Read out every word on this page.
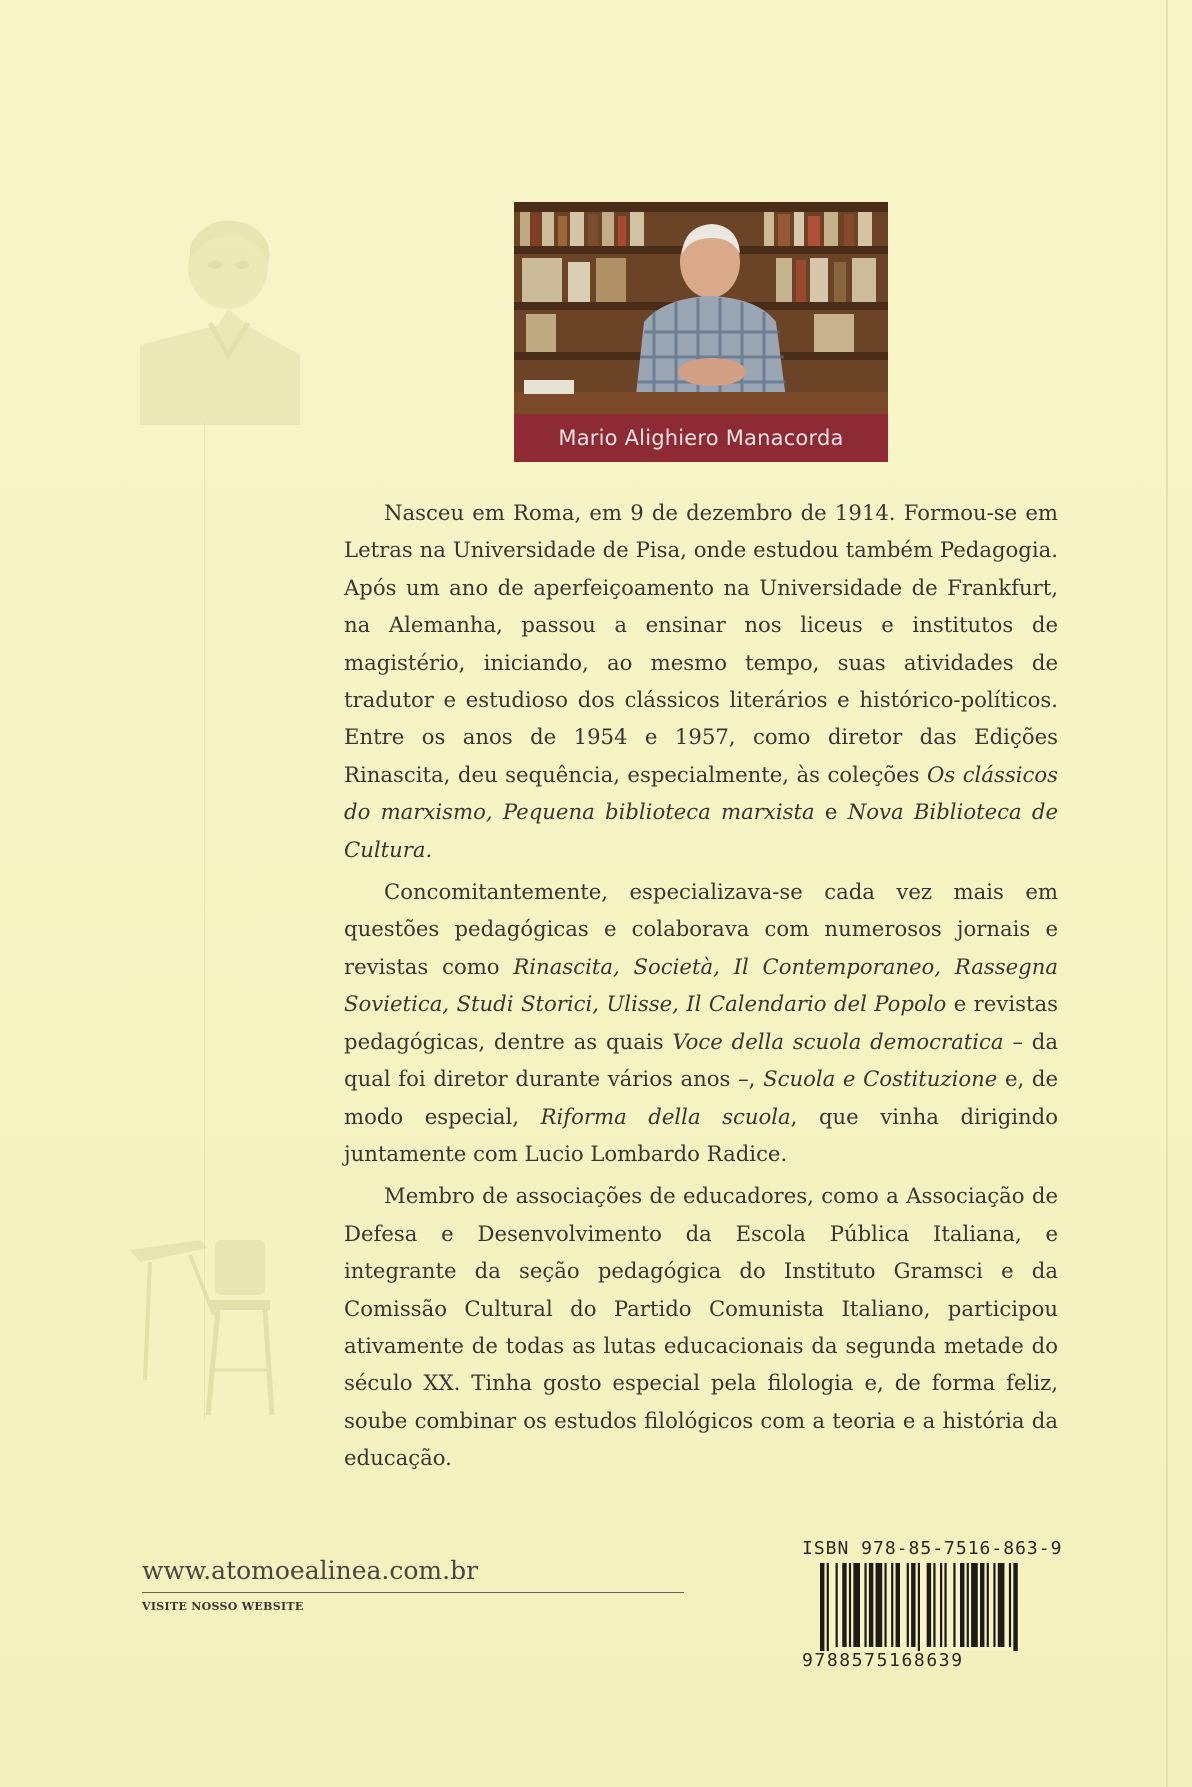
Mario Alighiero Manacorda

Nasceu em Roma, em 9 de dezembro de 1914. Formou-se em Letras na Universidade de Pisa, onde estudou também Pedagogia. Após um ano de aperfeiçoamento na Universidade de Frankfurt, na Alemanha, passou a ensinar nos liceus e institutos de magistério, iniciando, ao mesmo tempo, suas atividades de tradutor e estudioso dos clássicos literários e histórico-políticos. Entre os anos de 1954 e 1957, como diretor das Edições Rinascita, deu sequência, especialmente, às coleções Os clássicos do marxismo, Pequena biblioteca marxista e Nova Biblioteca de Cultura.

Concomitantemente, especializava-se cada vez mais em questões pedagógicas e colaborava com numerosos jornais e revistas como Rinascita, Società, Il Contemporaneo, Rassegna Sovietica, Studi Storici, Ulisse, Il Calendario del Popolo e revistas pedagógicas, dentre as quais Voce della scuola democratica – da qual foi diretor durante vários anos –, Scuola e Costituzione e, de modo especial, Riforma della scuola, que vinha dirigindo juntamente com Lucio Lombardo Radice.

Membro de associações de educadores, como a Associação de Defesa e Desenvolvimento da Escola Pública Italiana, e integrante da seção pedagógica do Instituto Gramsci e da Comissão Cultural do Partido Comunista Italiano, participou ativamente de todas as lutas educacionais da segunda metade do século XX. Tinha gosto especial pela filologia e, de forma feliz, soube combinar os estudos filológicos com a teoria e a história da educação.

www.atomoealinea.com.br
VISITE NOSSO WEBSITE
ISBN 978-85-7516-863-9
9788575168639
